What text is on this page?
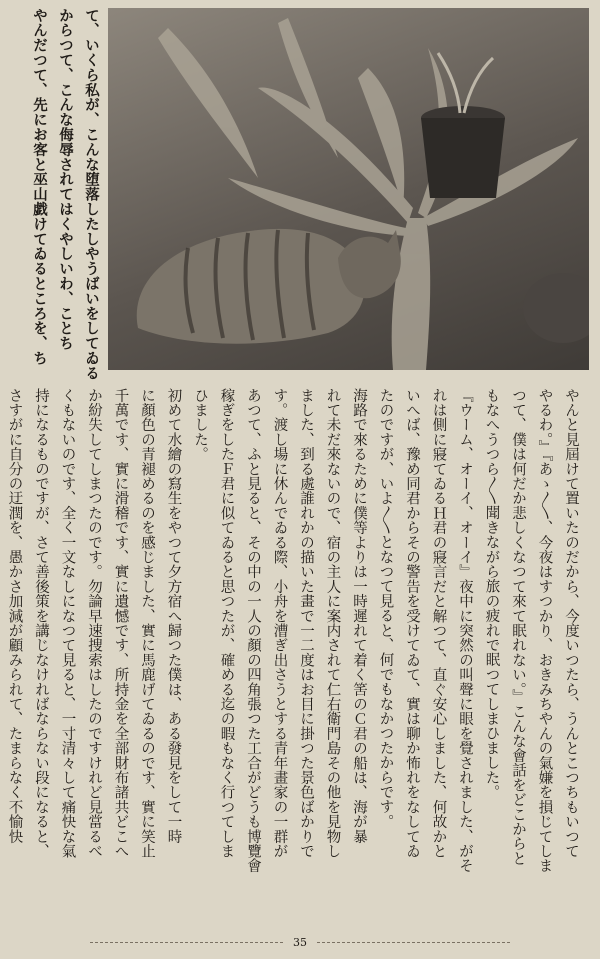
て、いくら私が、こんな堕落したしやうばいをしてゐる
からつて、こんな侮辱されてはくやしいわ、ことち
やんだつて、先にお客と巫山戯けてゐるところを、ち
やんと見屆けて置いたのだから、今度いつたら、うんとこつちもいつて
やるわ。』『あゝ〳〵、今夜はすつかり、おきみちやんの氣嫌を損じてしま
つて、僕は何だか悲しくなつて來て眠れない。』こんな會話をどこからと
もなへうつら〳〵聞きながら旅の疲れで眠つてしまひました。
『ウーム、オーイ、オーイ』夜中に突然の叫聲に眼を覺されました、がそ
れは側に寢てゐるＨ君の寢言だと解つて、直ぐ安心しました、何故かと
いへば、豫め同君からその警告を受けてゐて、實は聊か怖れをなしてゐ
たのですが、いよ〳〵となつて見ると、何でもなかつたからです。
海路で來るために僕等よりは一時遲れて着く筈のＣ君の船は、海が暴
れて未だ來ないので、宿の主人に案内されて仁右衛門島その他を見物し
ました、到る處誰れかの描いた畫で一二度はお目に掛つた景色ばかりで
す。渡し場に休んでゐる際、小舟を漕ぎ出さうとする青年畫家の一群が
あつて、ふと見ると、その中の一人の顏の四角張つた工合がどうも博覽會
稼ぎをしたＦ君に似てゐると思つたが、確める迄の暇もなく行つてしま
ひました。
初めて水繪の寫生をやつて夕方宿へ歸つた僕は、ある發見をして一時
に顏色の青褪めるのを感じました、實に馬鹿げてゐるのです、實に笑止
千萬です、實に滑稽です、實に遺憾です、所持金を全部財布諸共どこへ
か紛失してしまつたのです。勿論早速捜索はしたのですけれど見當るべ
くもないのです、全く一文なしになつて見ると、一寸清々して痛快な氣
持になるものですが、さて善後策を講じなければならない段になると、
さすがに自分の迂潤を、愚かさ加減が顧みられて、たまらなく不愉快
35
